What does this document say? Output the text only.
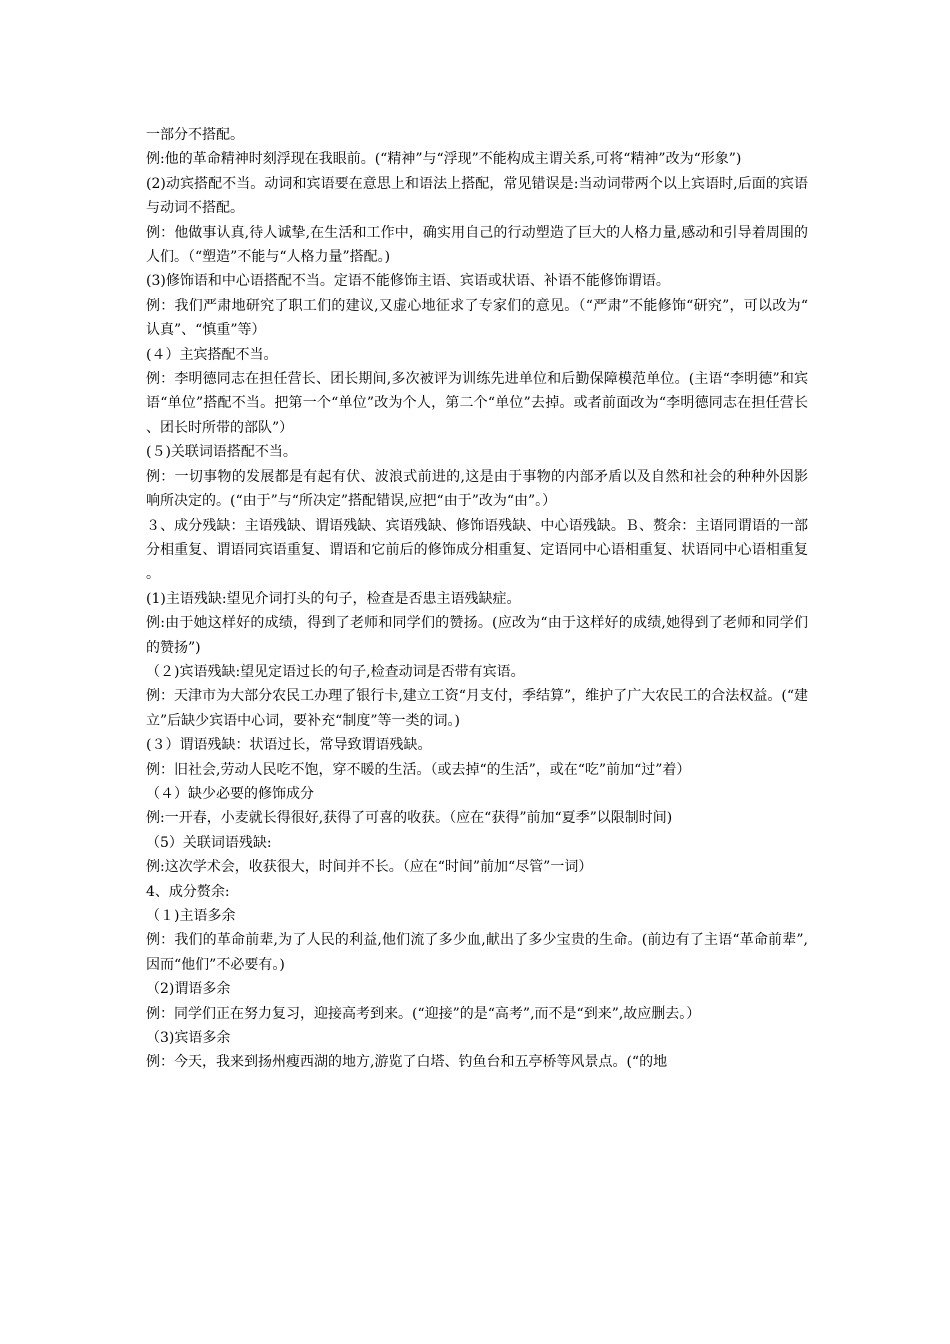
一部分不搭配。

例:他的革命精神时刻浮现在我眼前。(“精神”与“浮现”不能构成主谓关系,可将“精神”改为“形象”)

(2)动宾搭配不当。动词和宾语要在意思上和语法上搭配，常见错误是:当动词带两个以上宾语时,后面的宾语与动词不搭配。

例：他做事认真,待人诚挚,在生活和工作中，确实用自己的行动塑造了巨大的人格力量,感动和引导着周围的人们。（“塑造”不能与“人格力量”搭配。)

(3)修饰语和中心语搭配不当。定语不能修饰主语、宾语或状语、补语不能修饰谓语。

例：我们严肃地研究了职工们的建议,又虚心地征求了专家们的意见。（“严肃”不能修饰“研究”，可以改为“认真”、“慎重”等）

(４）主宾搭配不当。

例：李明德同志在担任营长、团长期间,多次被评为训练先进单位和后勤保障模范单位。(主语“李明德”和宾语“单位”搭配不当。把第一个“单位”改为个人，第二个“单位”去掉。或者前面改为“李明德同志在担任营长、团长时所带的部队”）

(５)关联词语搭配不当。

例：一切事物的发展都是有起有伏、波浪式前进的,这是由于事物的内部矛盾以及自然和社会的种种外因影响所决定的。(“由于”与“所决定”搭配错误,应把“由于”改为“由”。）

３、成分残缺：主语残缺、谓语残缺、宾语残缺、修饰语残缺、中心语残缺。Ｂ、赘余：主语同谓语的一部分相重复、谓语同宾语重复、谓语和它前后的修饰成分相重复、定语同中心语相重复、状语同中心语相重复。

(1)主语残缺:望见介词打头的句子，检查是否患主语残缺症。

例:由于她这样好的成绩，得到了老师和同学们的赞扬。(应改为“由于这样好的成绩,她得到了老师和同学们的赞扬”)

（２)宾语残缺:望见定语过长的句子,检查动词是否带有宾语。

例：天津市为大部分农民工办理了银行卡,建立工资“月支付，季结算”，维护了广大农民工的合法权益。(“建立”后缺少宾语中心词，要补充“制度”等一类的词。)

(３）谓语残缺：状语过长，常导致谓语残缺。

例：旧社会,劳动人民吃不饱，穿不暖的生活。（或去掉“的生活”，或在“吃”前加“过”着）

（４）缺少必要的修饰成分

例:一开春，小麦就长得很好,获得了可喜的收获。（应在“获得”前加“夏季”以限制时间)

（5）关联词语残缺:

例:这次学术会，收获很大，时间并不长。（应在“时间”前加“尽管”一词）

4、成分赘余:

（１)主语多余

例：我们的革命前辈,为了人民的利益,他们流了多少血,献出了多少宝贵的生命。(前边有了主语“革命前辈”,因而“他们”不必要有。)

（2)谓语多余

例：同学们正在努力复习，迎接高考到来。(“迎接”的是“高考”,而不是“到来”,故应删去。）

（3)宾语多余

例：今天，我来到扬州瘦西湖的地方,游览了白塔、钓鱼台和五亭桥等风景点。(“的地
